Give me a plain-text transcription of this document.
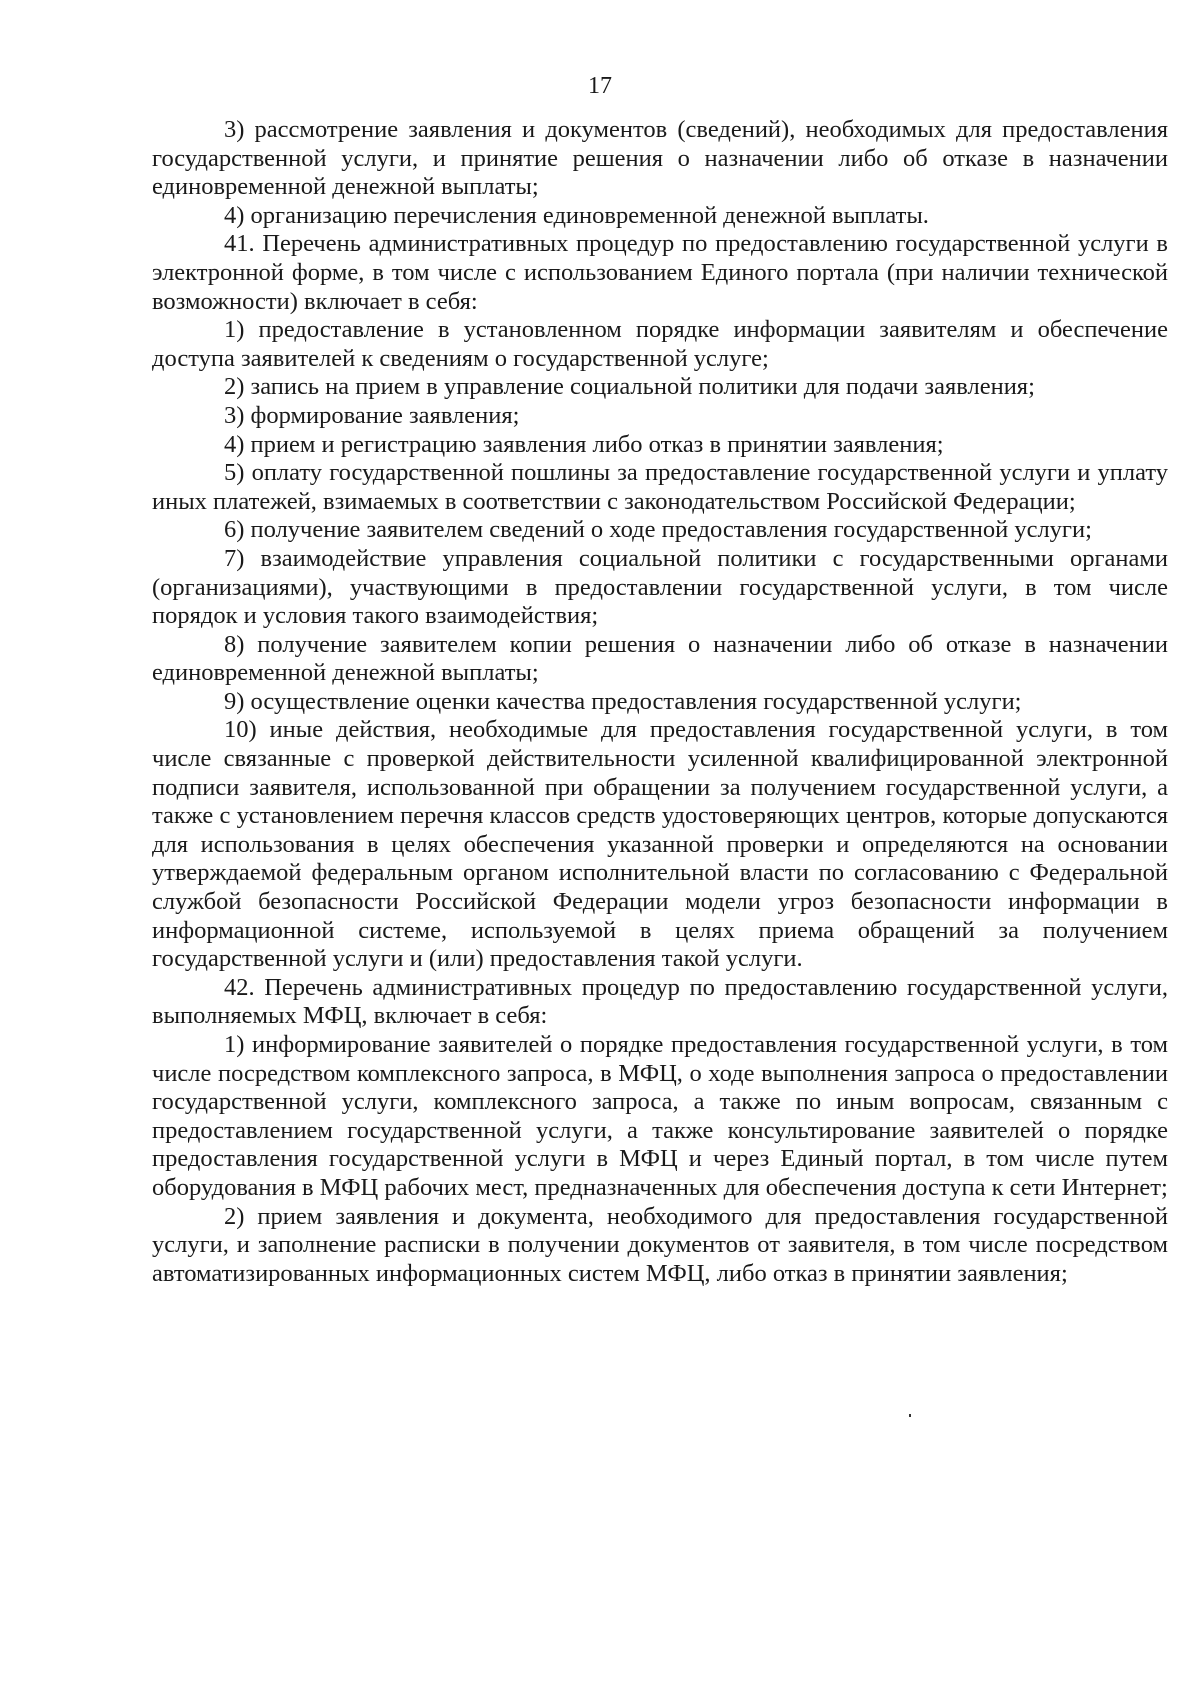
17

3) рассмотрение заявления и документов (сведений), необходимых для предоставления государственной услуги, и принятие решения о назначении либо об отказе в назначении единовременной денежной выплаты;

4) организацию перечисления единовременной денежной выплаты.

41. Перечень административных процедур по предоставлению государственной услуги в электронной форме, в том числе с использованием Единого портала (при наличии технической возможности) включает в себя:

1) предоставление в установленном порядке информации заявителям и обеспечение доступа заявителей к сведениям о государственной услуге;

2) запись на прием в управление социальной политики для подачи заявления;

3) формирование заявления;

4) прием и регистрацию заявления либо отказ в принятии заявления;

5) оплату государственной пошлины за предоставление государственной услуги и уплату иных платежей, взимаемых в соответствии с законодательством Российской Федерации;

6) получение заявителем сведений о ходе предоставления государственной услуги;

7) взаимодействие управления социальной политики с государственными органами (организациями), участвующими в предоставлении государственной услуги, в том числе порядок и условия такого взаимодействия;

8) получение заявителем копии решения о назначении либо об отказе в назначении единовременной денежной выплаты;

9) осуществление оценки качества предоставления государственной услуги;

10) иные действия, необходимые для предоставления государственной услуги, в том числе связанные с проверкой действительности усиленной квалифицированной электронной подписи заявителя, использованной при обращении за получением государственной услуги, а также с установлением перечня классов средств удостоверяющих центров, которые допускаются для использования в целях обеспечения указанной проверки и определяются на основании утверждаемой федеральным органом исполнительной власти по согласованию с Федеральной службой безопасности Российской Федерации модели угроз безопасности информации в информационной системе, используемой в целях приема обращений за получением государственной услуги и (или) предоставления такой услуги.

42. Перечень административных процедур по предоставлению государственной услуги, выполняемых МФЦ, включает в себя:

1) информирование заявителей о порядке предоставления государственной услуги, в том числе посредством комплексного запроса, в МФЦ, о ходе выполнения запроса о предоставлении государственной услуги, комплексного запроса, а также по иным вопросам, связанным с предоставлением государственной услуги, а также консультирование заявителей о порядке предоставления государственной услуги в МФЦ и через Единый портал, в том числе путем оборудования в МФЦ рабочих мест, предназначенных для обеспечения доступа к сети Интернет;

2) прием заявления и документа, необходимого для предоставления государственной услуги, и заполнение расписки в получении документов от заявителя, в том числе посредством автоматизированных информационных систем МФЦ, либо отказ в принятии заявления;
